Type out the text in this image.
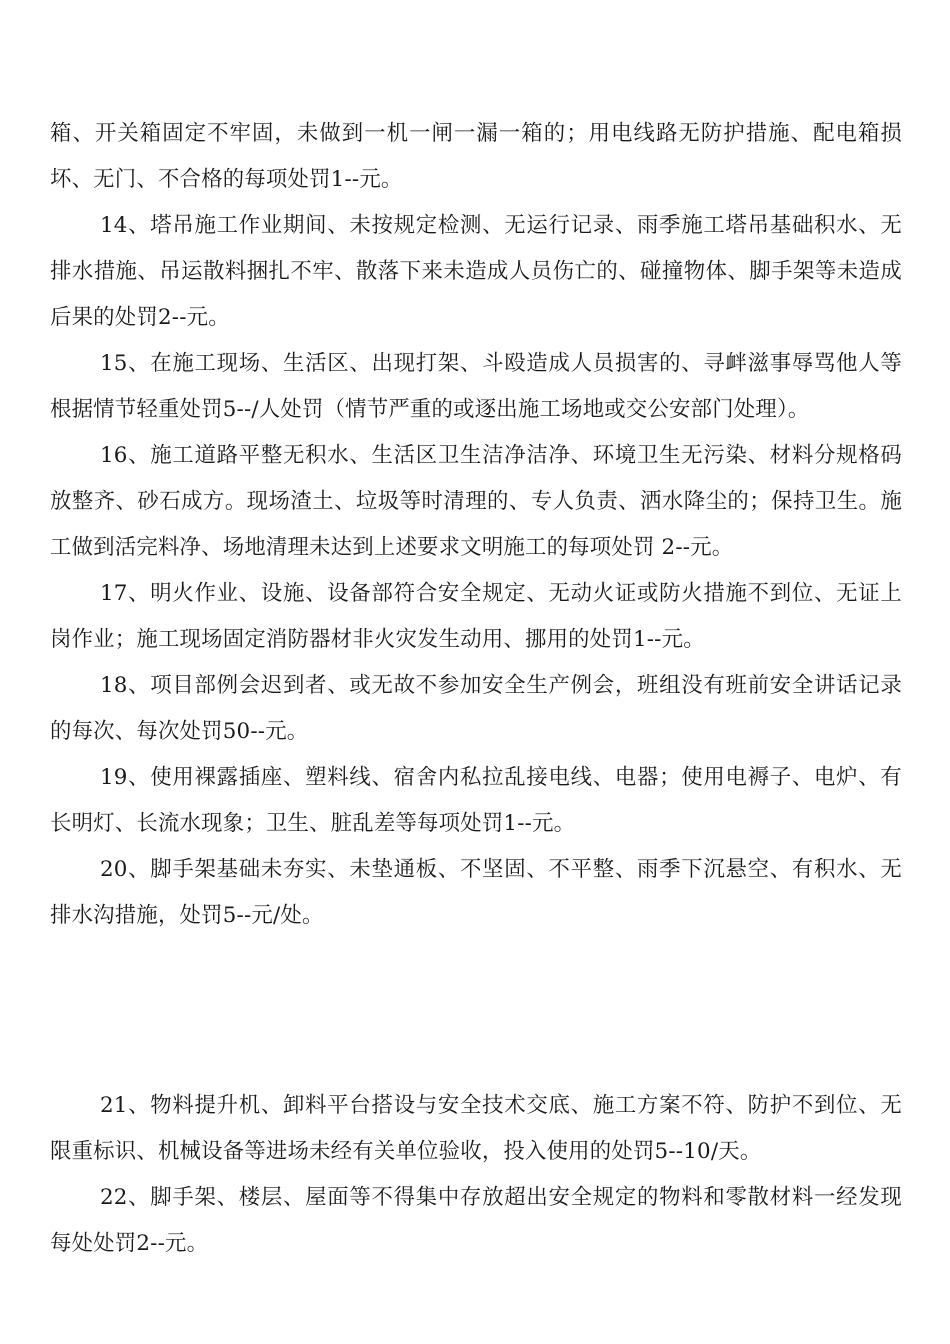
箱、开关箱固定不牢固，未做到一机一闸一漏一箱的；用电线路无防护措施、配电箱损坏、无门、不合格的每项处罚1--元。

14、塔吊施工作业期间、未按规定检测、无运行记录、雨季施工塔吊基础积水、无排水措施、吊运散料捆扎不牢、散落下来未造成人员伤亡的、碰撞物体、脚手架等未造成后果的处罚2--元。

15、在施工现场、生活区、出现打架、斗殴造成人员损害的、寻衅滋事辱骂他人等根据情节轻重处罚5--/人处罚（情节严重的或逐出施工场地或交公安部门处理）。

16、施工道路平整无积水、生活区卫生洁净洁净、环境卫生无污染、材料分规格码放整齐、砂石成方。现场渣土、垃圾等时清理的、专人负责、洒水降尘的；保持卫生。施工做到活完料净、场地清理未达到上述要求文明施工的每项处罚 2--元。

17、明火作业、设施、设备部符合安全规定、无动火证或防火措施不到位、无证上岗作业；施工现场固定消防器材非火灾发生动用、挪用的处罚1--元。

18、项目部例会迟到者、或无故不参加安全生产例会，班组没有班前安全讲话记录的每次、每次处罚50--元。

19、使用裸露插座、塑料线、宿舍内私拉乱接电线、电器；使用电褥子、电炉、有长明灯、长流水现象；卫生、脏乱差等每项处罚1--元。

20、脚手架基础未夯实、未垫通板、不坚固、不平整、雨季下沉悬空、有积水、无排水沟措施，处罚5--元/处。

21、物料提升机、卸料平台搭设与安全技术交底、施工方案不符、防护不到位、无限重标识、机械设备等进场未经有关单位验收，投入使用的处罚5--10/天。

22、脚手架、楼层、屋面等不得集中存放超出安全规定的物料和零散材料一经发现每处处罚2--元。
